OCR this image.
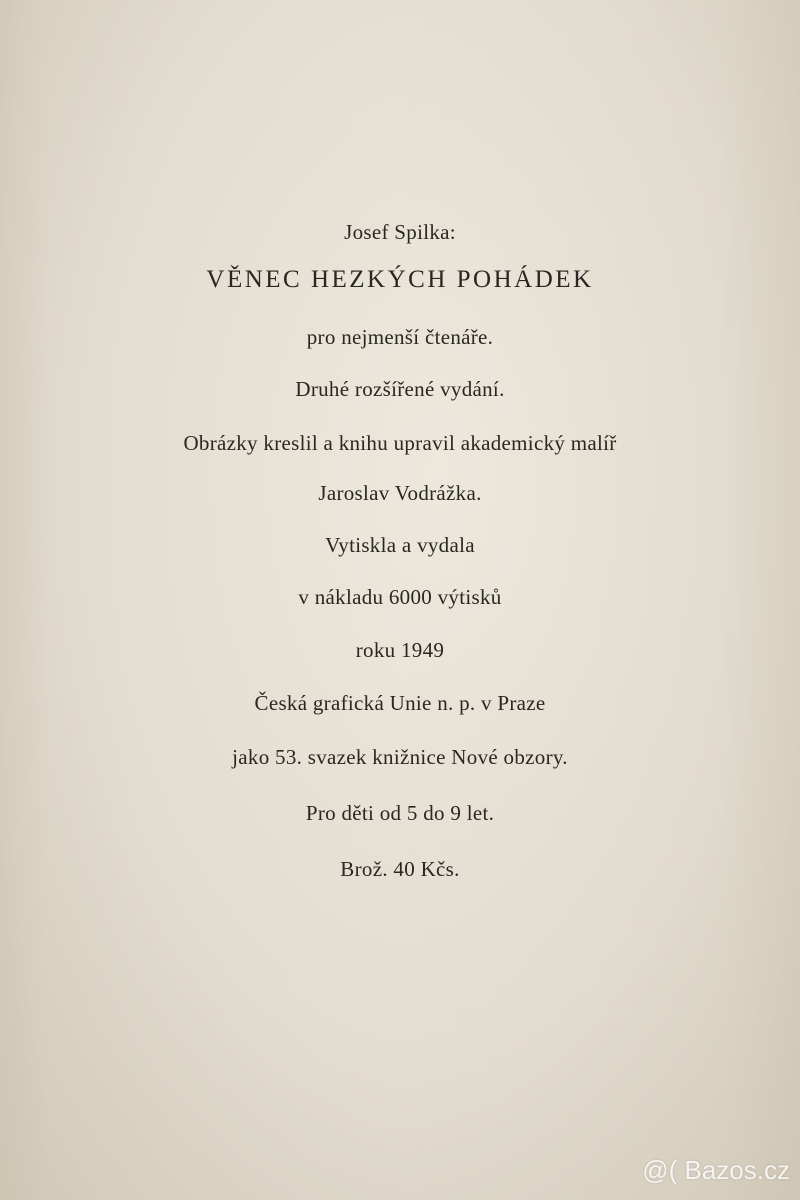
Josef Spilka:
VĚNEC HEZKÝCH POHÁDEK
pro nejmenší čtenáře.
Druhé rozšířené vydání.
Obrázky kreslil a knihu upravil akademický malíř
Jaroslav Vodrážka.
Vytiskla a vydala
v nákladu 6000 výtisků
roku 1949
Česká grafická Unie n. p. v Praze
jako 53. svazek knižnice Nové obzory.
Pro děti od 5 do 9 let.
Brož. 40 Kčs.
@( Bazos.cz
